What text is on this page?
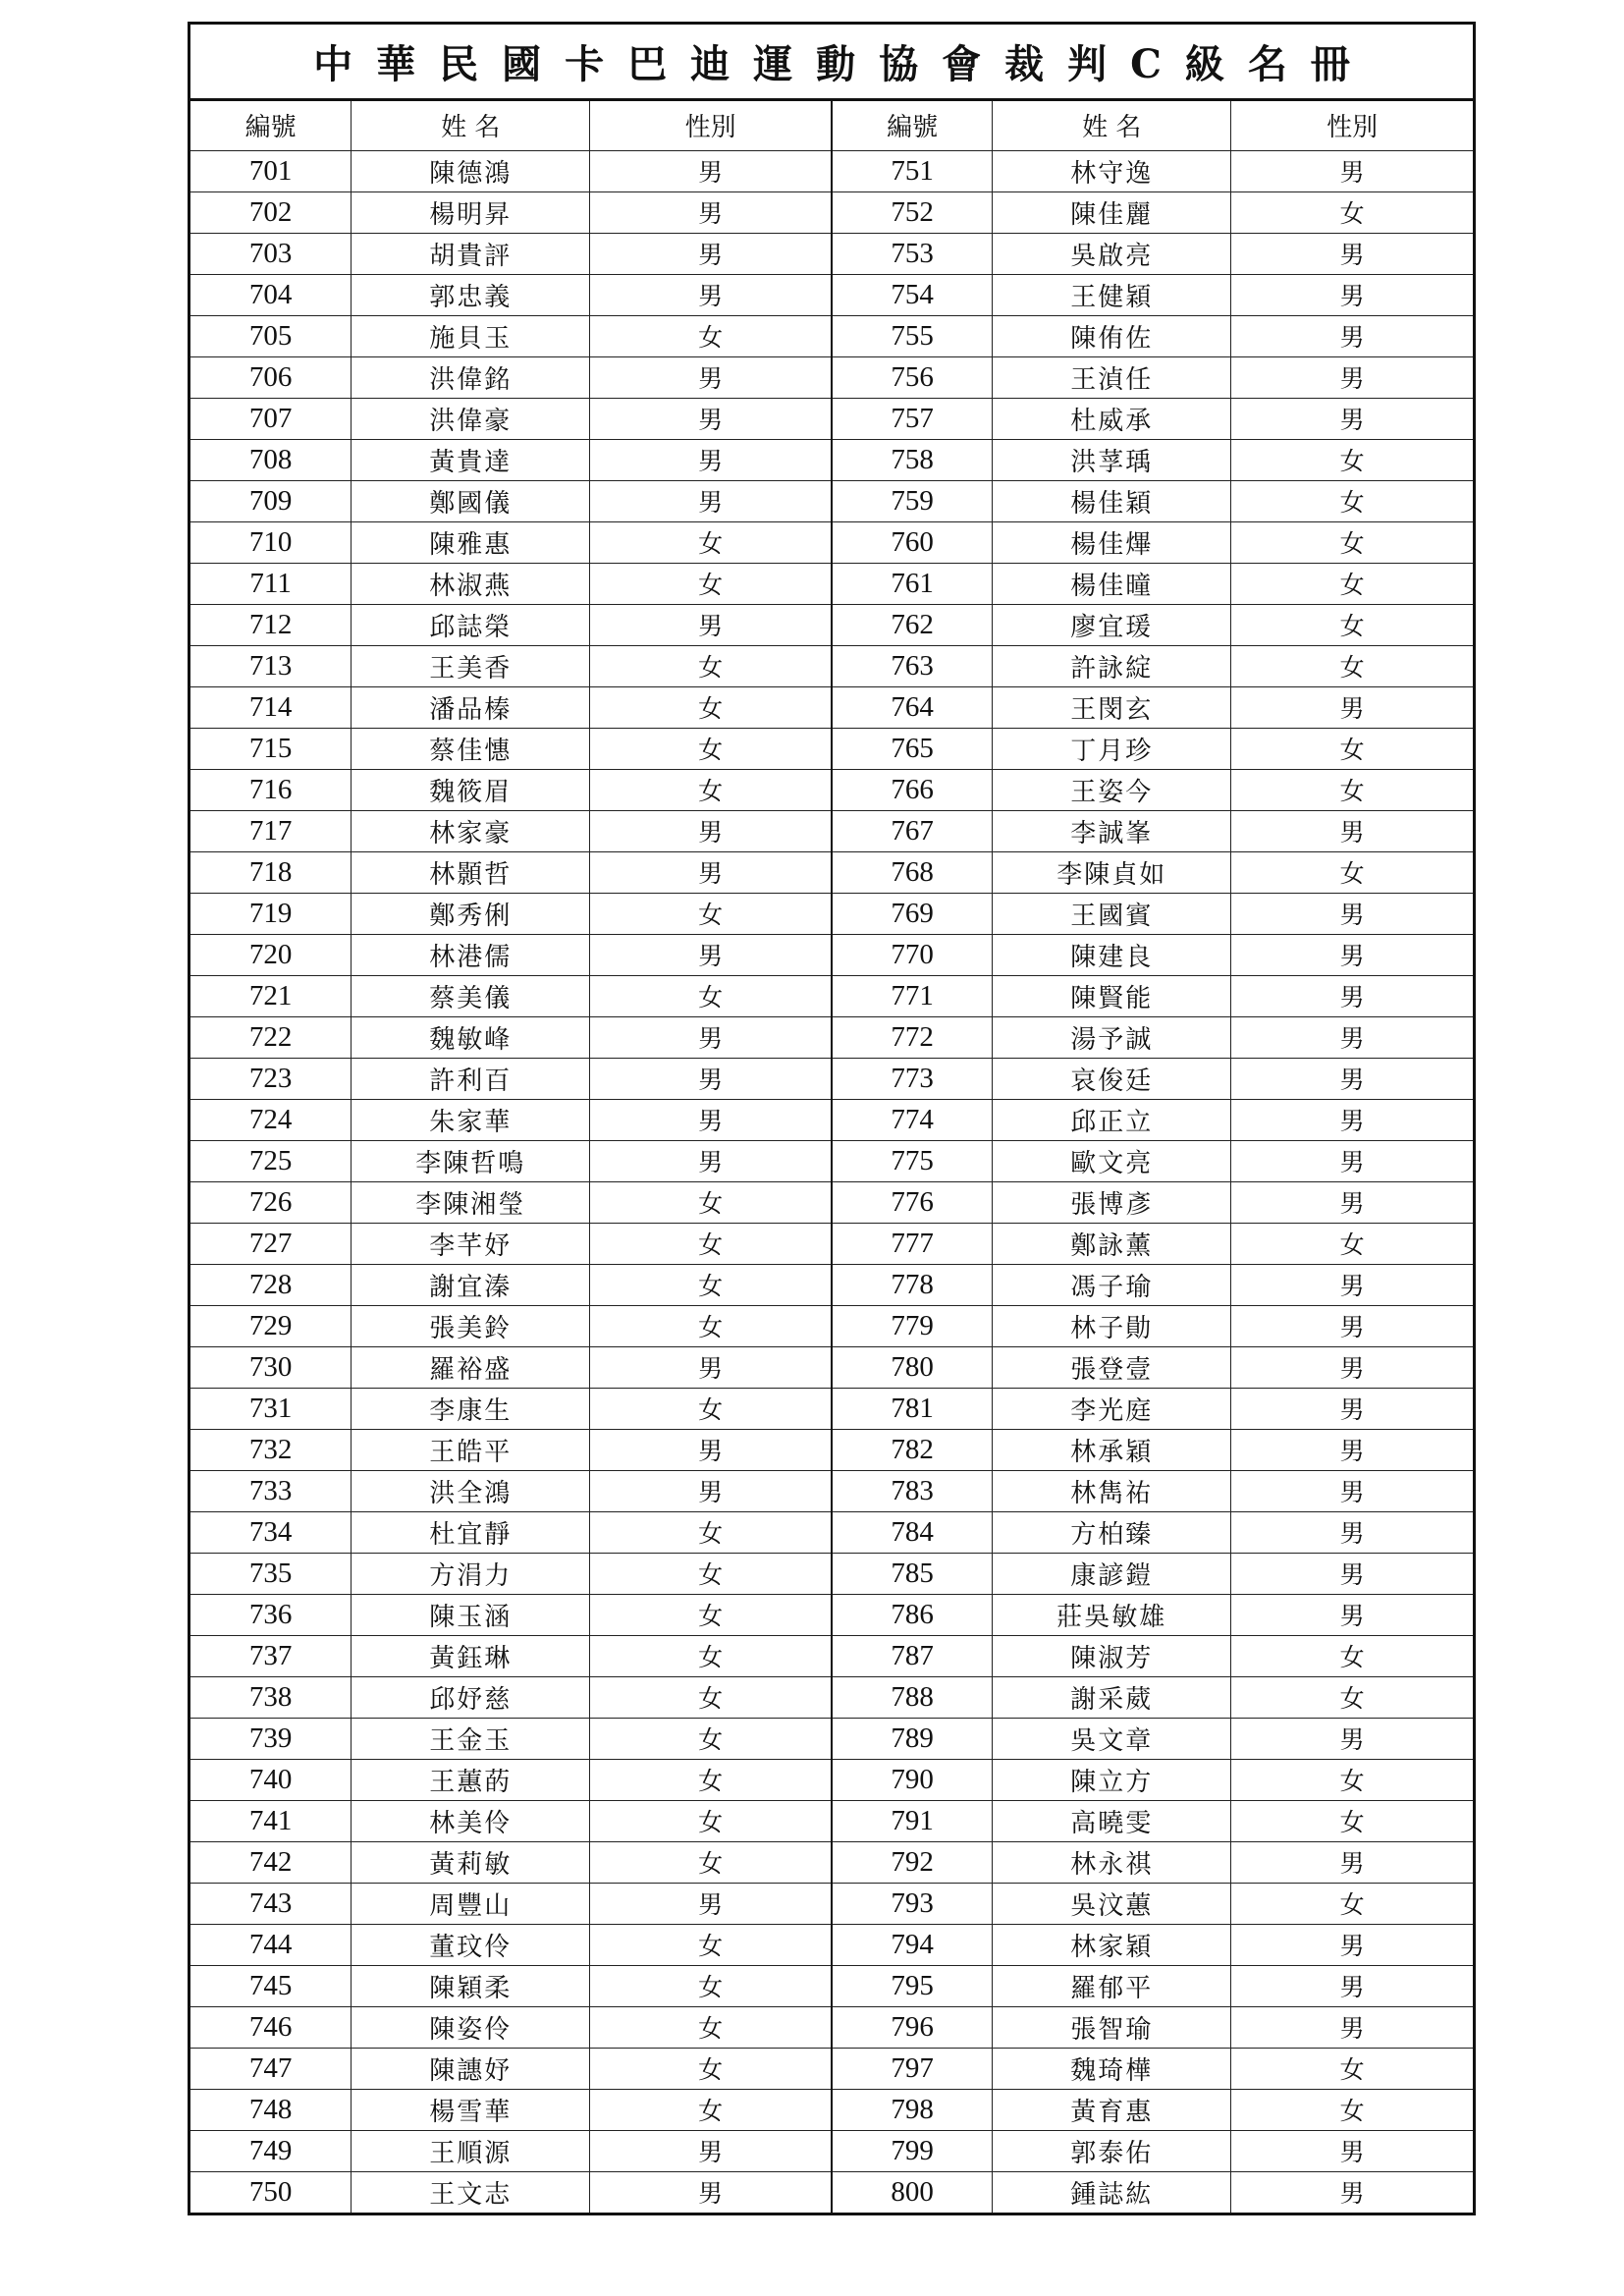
中華民國卡巴迪運動協會裁判C級名冊
編號	姓 名	性別	編號	姓 名	性別
701	陳德鴻	男	751	林守逸	男
702	楊明昇	男	752	陳佳麗	女
703	胡貴評	男	753	吳啟亮	男
704	郭忠義	男	754	王健穎	男
705	施貝玉	女	755	陳侑佐	男
706	洪偉銘	男	756	王湞任	男
707	洪偉豪	男	757	杜威承	男
708	黃貴達	男	758	洪莩瑀	女
709	鄭國儀	男	759	楊佳穎	女
710	陳雅惠	女	760	楊佳熚	女
711	林淑燕	女	761	楊佳曈	女
712	邱誌榮	男	762	廖宜瑗	女
713	王美香	女	763	許詠綻	女
714	潘品榛	女	764	王閔玄	男
715	蔡佳憓	女	765	丁月珍	女
716	魏筱眉	女	766	王姿今	女
717	林家豪	男	767	李誠峯	男
718	林顥哲	男	768	李陳貞如	女
719	鄭秀俐	女	769	王國賓	男
720	林港儒	男	770	陳建良	男
721	蔡美儀	女	771	陳賢能	男
722	魏敏峰	男	772	湯予誠	男
723	許利百	男	773	哀俊廷	男
724	朱家華	男	774	邱正立	男
725	李陳哲鳴	男	775	歐文亮	男
726	李陳湘瑩	女	776	張博彥	男
727	李芊妤	女	777	鄭詠薰	女
728	謝宜溱	女	778	馮子瑜	男
729	張美鈴	女	779	林子勛	男
730	羅裕盛	男	780	張登壹	男
731	李康生	女	781	李光庭	男
732	王皓平	男	782	林承穎	男
733	洪全鴻	男	783	林雋祐	男
734	杜宜靜	女	784	方柏臻	男
735	方涓力	女	785	康諺鎧	男
736	陳玉涵	女	786	莊吳敏雄	男
737	黃鈺琳	女	787	陳淑芳	女
738	邱妤慈	女	788	謝采葳	女
739	王金玉	女	789	吳文章	男
740	王蕙菂	女	790	陳立方	女
741	林美伶	女	791	高曉雯	女
742	黃莉敏	女	792	林永祺	男
743	周豐山	男	793	吳汶蕙	女
744	董玟伶	女	794	林家穎	男
745	陳穎柔	女	795	羅郁平	男
746	陳姿伶	女	796	張智瑜	男
747	陳譓妤	女	797	魏琦樺	女
748	楊雪華	女	798	黃育惠	女
749	王順源	男	799	郭泰佑	男
750	王文志	男	800	鍾誌紘	男
